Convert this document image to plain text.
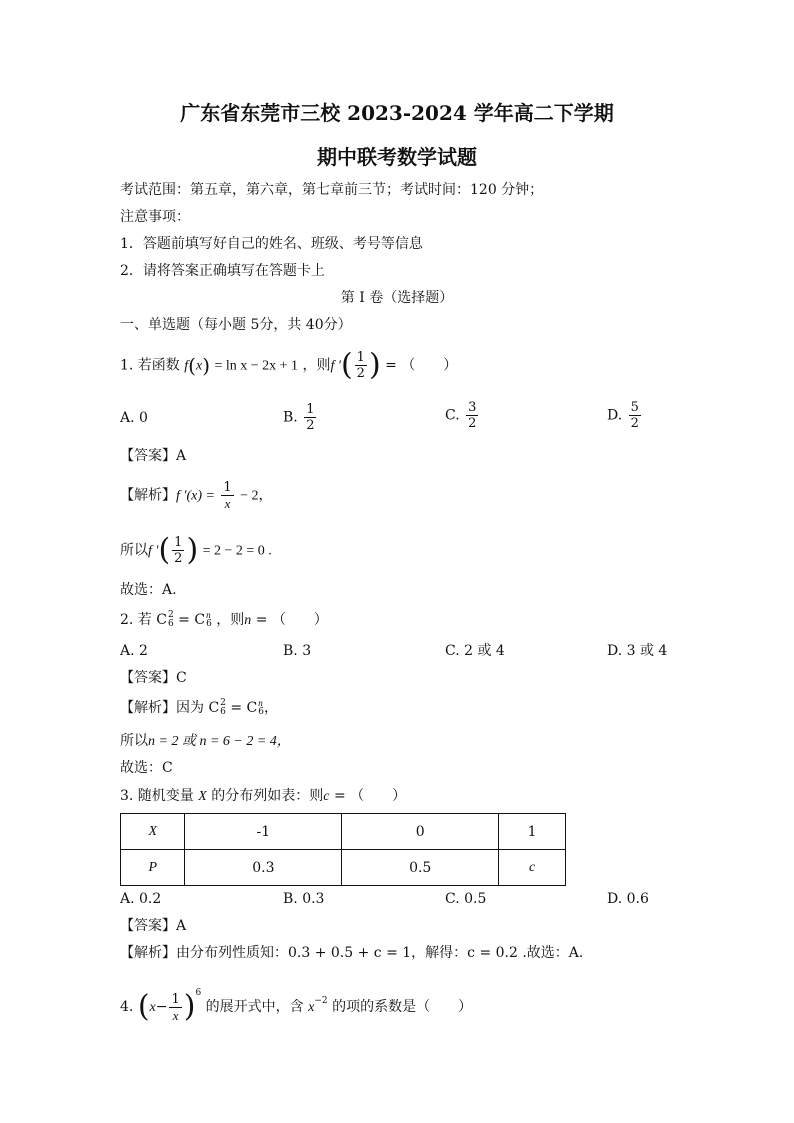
广东省东莞市三校 2023-2024 学年高二下学期
期中联考数学试题
考试范围：第五章，第六章，第七章前三节；考试时间：120 分钟；
注意事项：
1．答题前填写好自己的姓名、班级、考号等信息
2．请将答案正确填写在答题卡上
第 I 卷（选择题）
一、单选题（每小题 5分，共 40分）
1. 若函数 f(x) = ln x − 2x + 1 ，则f ′( $\frac{1}{2}$ ) = （　　）
A. 0	B. $\frac{1}{2}$	C. $\frac{3}{2}$	D. $\frac{5}{2}$
【答案】A
【解析】f $'(x) = \frac{1}{x} - 2$，
所以f ′( $\frac{1}{2}$ ) = 2 − 2 = 0 .
故选：A.
2. 若 C 2
6 = C n
6 ，则n = （　　）
A. 2	B. 3	C. 2 或 4	D. 3 或 4
【答案】C
【解析】因为 C 2
6 = C n
6 ，
所以n = 2 或 n = 6 − 2 = 4，
故选：C
3. 随机变量 X 的分布列如表：则c = （　　）
X	-1	0	1
P	0.3	0.5	c
A. 0.2	B. 0.3	C. 0.5	D. 0.6
【答案】A
【解析】由分布列性质知：0.3 + 0.5 + c = 1，解得：c = 0.2 .故选：A.
4. $(x- \frac{1}{x} )^6$ 的展开式中，含 $x^{-2}$ 的项的系数是（　　）
